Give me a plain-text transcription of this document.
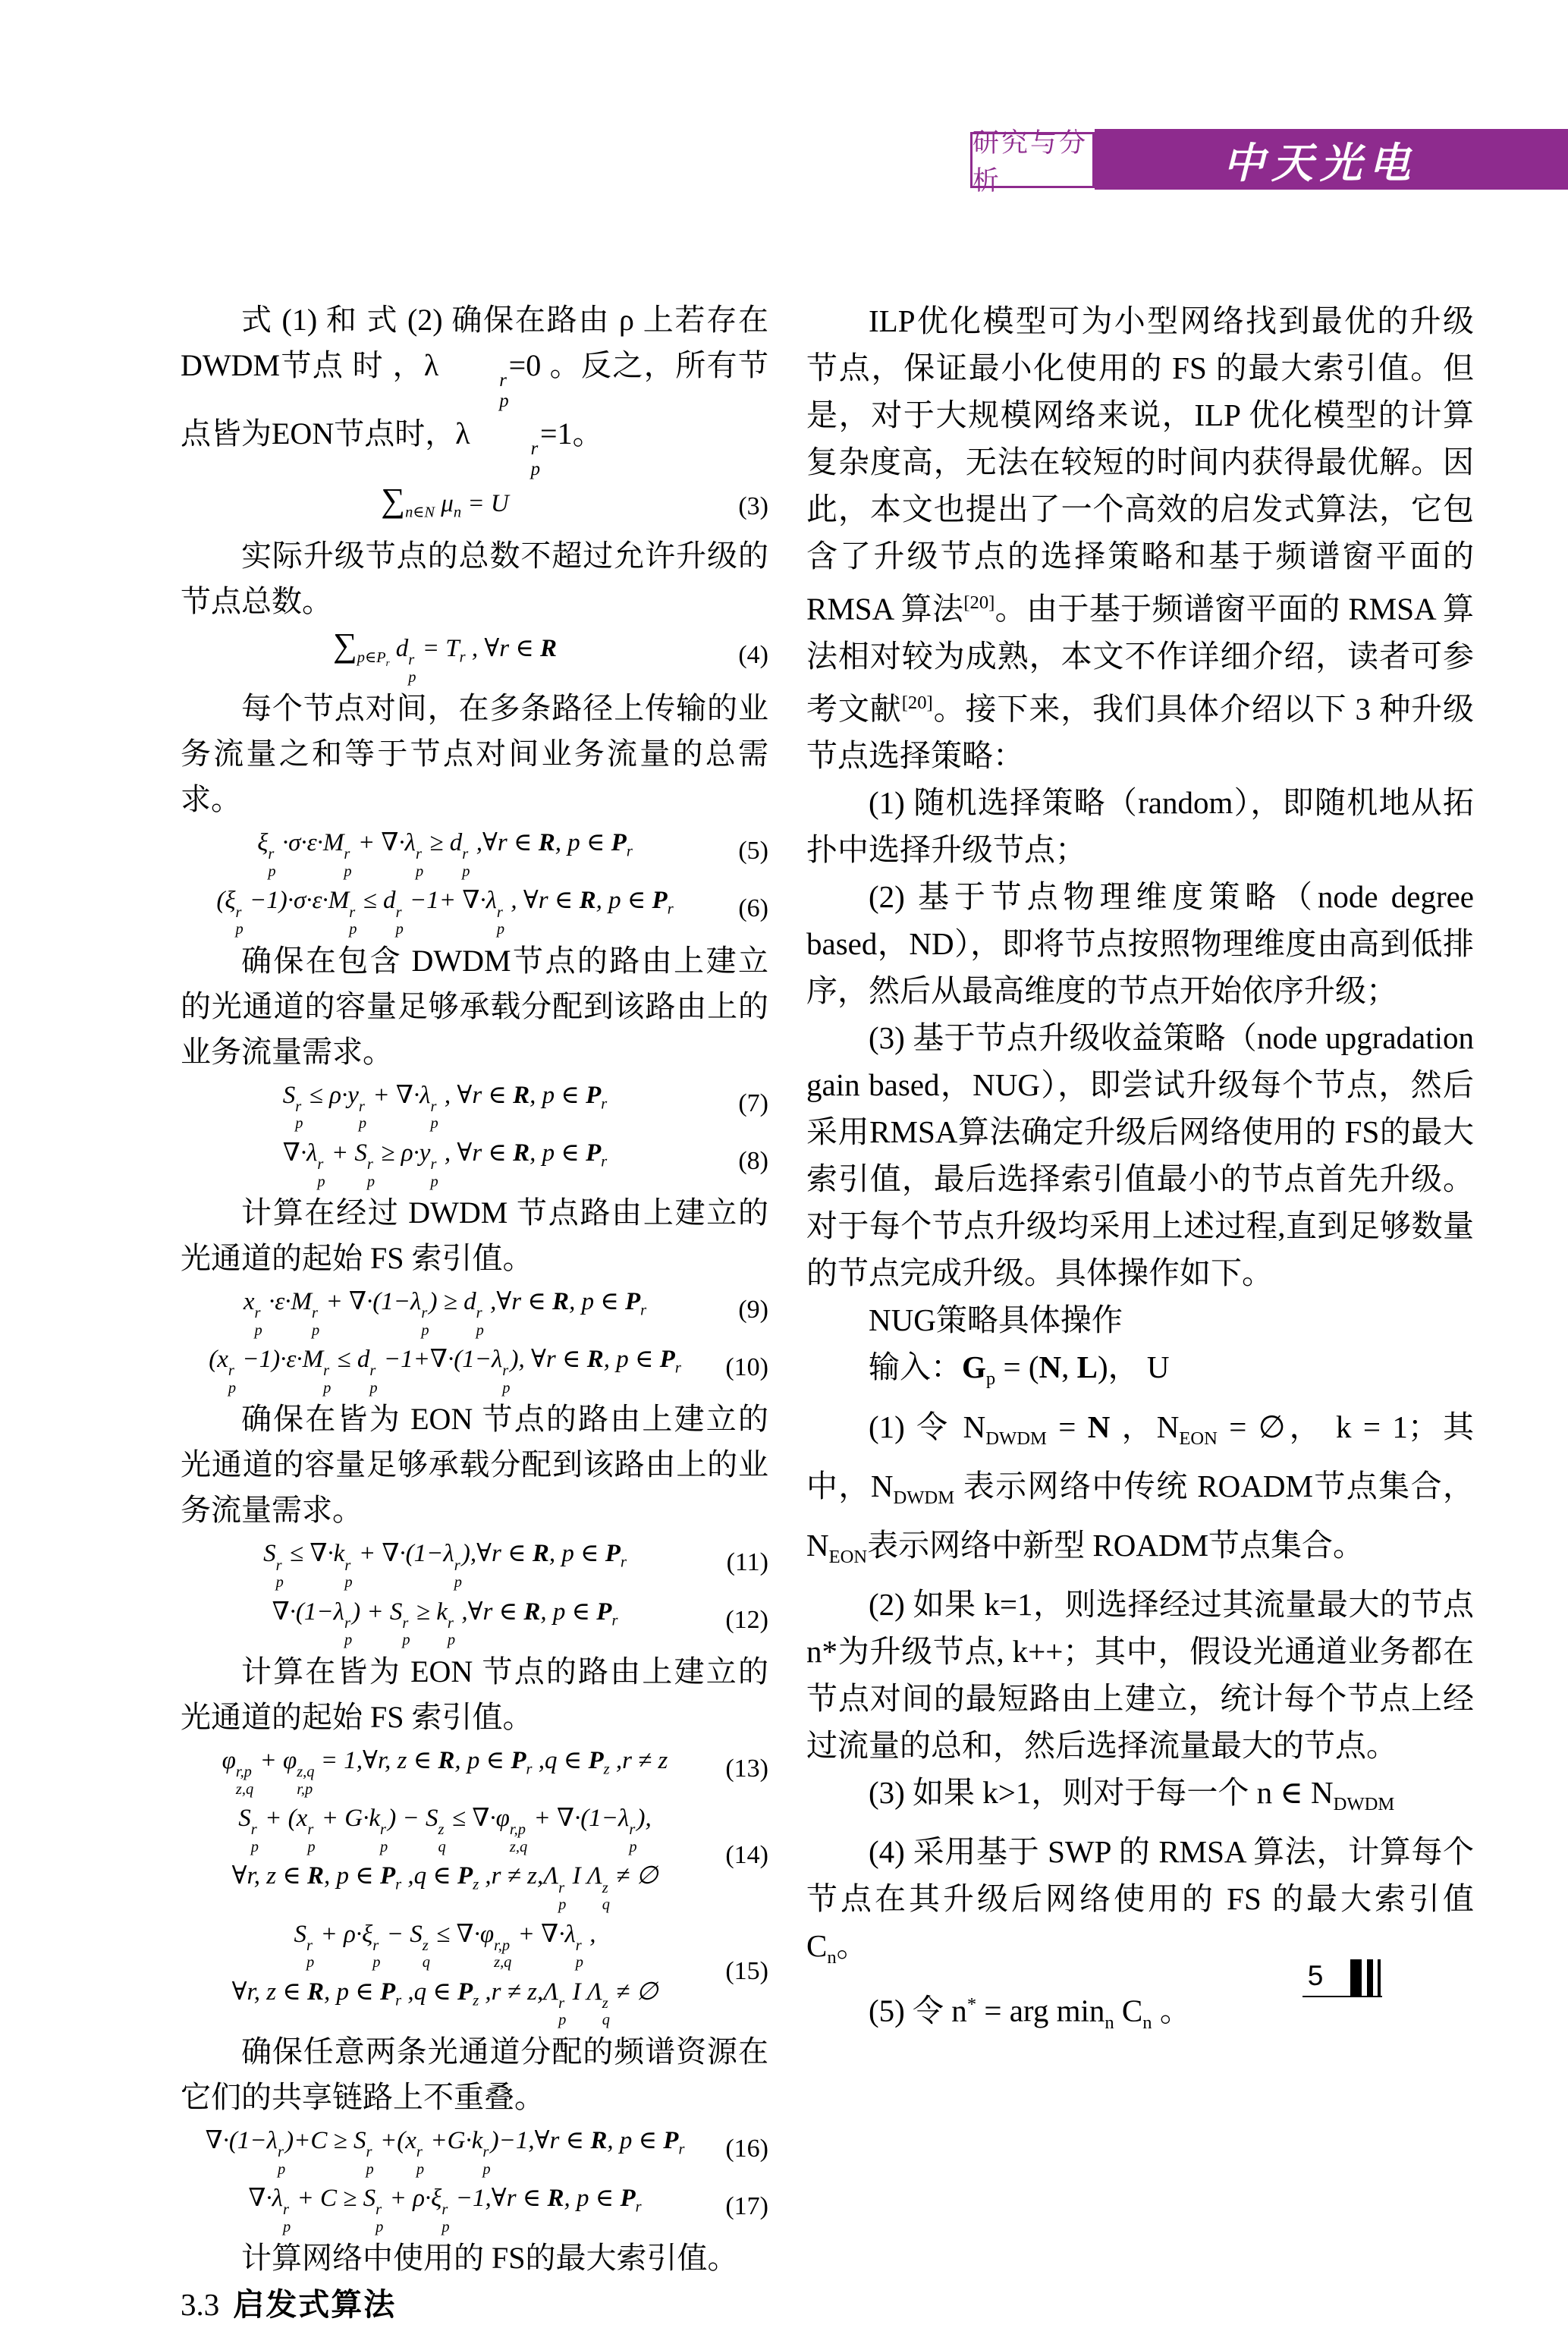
中天光电
研究与分析
式 (1) 和 式 (2) 确保在路由 ρ 上若存在 DWDM节点 时 ，λ	r
p
=0 。反之，所有节点皆为EON节点时，λ	r
p
=1。
$\sum_{n\in N}$ $\mu_n = U$	(3)
实际升级节点的总数不超过允许升级的节点总数。
$\sum_{p\in P_r}$ d r
p
= $T_r$ , ∀r ∈ R	(4)
每个节点对间，在多条路径上传输的业务流量之和等于节点对间业务流量的总需求。
ξ r
p
·σ·ε·M r
p
+ ∇·λ r
p
≥ d r
p
,∀r ∈ R, p ∈ $P_r$	(5)
(ξ r
p
−1)·σ·ε·M r
p
≤ d r
p
−1+ ∇·λ r
p
, ∀r ∈ R, p ∈ $P_r$	(6)
确保在包含 DWDM节点的路由上建立的光通道的容量足够承载分配到该路由上的业务流量需求。
S r
p
≤ ρ·y r
p
+ ∇·λ r
p
, ∀r ∈ R, p ∈ $P_r$	(7)
∇·λ r
p
+ S r
p
≥ ρ·y r
p
, ∀r ∈ R, p ∈ $P_r$	(8)
计算在经过 DWDM 节点路由上建立的光通道的起始 FS 索引值。
x r
p
·ε·M r
p
+ ∇·(1−λ r
p
) ≥ d r
p
,∀r ∈ R, p ∈ $P_r$	(9)
(x r
p
−1)·ε·M r
p
≤ d r
p
−1+∇·(1−λ r
p
), ∀r ∈ R, p ∈ $P_r$	(10)
确保在皆为 EON 节点的路由上建立的光通道的容量足够承载分配到该路由上的业务流量需求。
S r
p
≤ ∇·k r
p
+ ∇·(1−λ r
p
),∀r ∈ R, p ∈ $P_r$	(11)
∇·(1−λ r
p
) + S r
p
≥ k r
p
,∀r ∈ R, p ∈ $P_r$	(12)
计算在皆为 EON 节点的路由上建立的光通道的起始 FS 索引值。
φ r,p
z,q
+ φ z,q
r,p
= 1,∀r, z ∈ R, p ∈ $P_r$ ,q ∈ $P_z$ ,r ≠ z	(13)
S r
p
+ (x r
p
+ G·k r
p
) − S z
q
≤ ∇·φ r,p
z,q
+ ∇·(1−λ r
p
),
∀r, z ∈ R, p ∈ $P_r$ ,q ∈ $P_z$ ,r ≠ z,Λ r
p
I Λ z
q
≠ ∅
(14)
S r
p
+ ρ·ξ r
p
− S z
q
≤ ∇·φ r,p
z,q
+ ∇·λ r
p
,
∀r, z ∈ R, p ∈ $P_r$ ,q ∈ $P_z$ ,r ≠ z,Λ r
p
I Λ z
q
≠ ∅
(15)
确保任意两条光通道分配的频谱资源在它们的共享链路上不重叠。
∇·(1−λ r
p
)+C ≥ S r
p
+(x r
p
+G·k r
p
)−1,∀r ∈ R, p ∈ $P_r$	(16)
∇·λ r
p
+ C ≥ S r
p
+ ρ·ξ r
p
−1,∀r ∈ R, p ∈ $P_r$	(17)
计算网络中使用的 FS的最大索引值。
3.3 启发式算法
ILP优化模型可为小型网络找到最优的升级节点，保证最小化使用的 FS 的最大索引值。但是，对于大规模网络来说，ILP 优化模型的计算复杂度高，无法在较短的时间内获得最优解。因此，本文也提出了一个高效的启发式算法，它包含了升级节点的选择策略和基于频谱窗平面的 RMSA 算法[20]。由于基于频谱窗平面的 RMSA 算法相对较为成熟，本文不作详细介绍，读者可参考文献[20]。接下来，我们具体介绍以下 3 种升级节点选择策略：
(1) 随机选择策略（random），即随机地从拓扑中选择升级节点；
(2) 基于节点物理维度策略（node degree based，ND），即将节点按照物理维度由高到低排序，然后从最高维度的节点开始依序升级；
(3) 基于节点升级收益策略（node upgradation gain based，NUG），即尝试升级每个节点，然后采用RMSA算法确定升级后网络使用的 FS的最大索引值，最后选择索引值最小的节点首先升级。对于每个节点升级均采用上述过程,直到足够数量的节点完成升级。具体操作如下。
NUG策略具体操作
输入：$G_p = (N$, L)， U
(1) 令 $N_{DWDM} = N$ ，$N_{EON}$ = ∅， k = 1；其中，$N_{DWDM}$ 表示网络中传统 ROADM节点集合，$N_{EON}$表示网络中新型 ROADM节点集合。
(2) 如果 k=1，则选择经过其流量最大的节点 n*为升级节点, k++；其中，假设光通道业务都在节点对间的最短路由上建立，统计每个节点上经过流量的总和，然后选择流量最大的节点。
(3) 如果 k>1，则对于每一个 n ∈ $N_{DWDM}$
(4) 采用基于 SWP 的 RMSA 算法，计算每个节点在其升级后网络使用的 FS 的最大索引值 $C_n$。
(5) 令 n* = arg $\min_n C_n$ 。
5
